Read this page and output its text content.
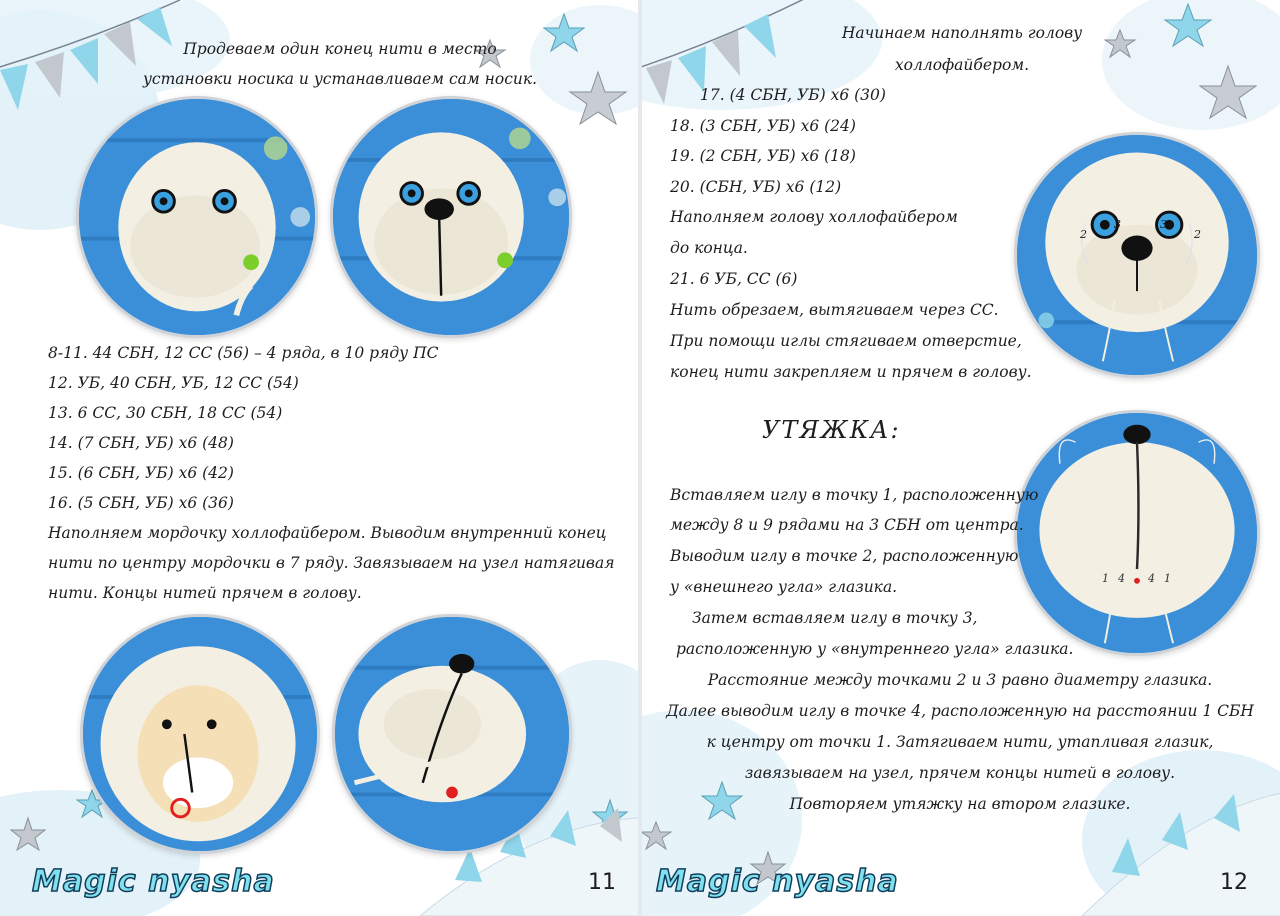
Продеваем один конец нити в место

установки носика и устанавливаем сам носик.

8-11. 44 СБН, 12 СС (56) – 4 ряда, в 10 ряду ПС

12. УБ, 40 СБН, УБ, 12 СС (54)

13. 6 СС, 30 СБН, 18 СС (54)

14. (7 СБН, УБ) х6 (48)

15. (6 СБН, УБ) х6 (42)

16. (5 СБН, УБ) х6 (36)

Наполняем мордочку холлофайбером. Выводим внутренний конец

нити по центру мордочки в 7 ряду. Завязываем на узел натягивая

нити. Концы нитей прячем в голову.

Magic nyasha	11

Начинаем наполнять голову

холлофайбером.

17. (4 СБН, УБ) х6 (30)

18. (3 СБН, УБ) х6 (24)

19. (2 СБН, УБ) х6 (18)

20. (СБН, УБ) х6 (12)

Наполняем голову холлофайбером

до конца.

21. 6 УБ, СС (6)

Нить обрезаем, вытягиваем через СС.

При помощи иглы стягиваем отверстие,

конец нити закрепляем и прячем в голову.

2
3	3
2
УТЯЖКА:
1 4 4 1

Вставляем иглу в точку 1, расположенную

между 8 и 9 рядами на 3 СБН от центра.

Выводим иглу в точке 2, расположенную

у «внешнего угла» глазика.

Затем вставляем иглу в точку 3,

расположенную у «внутреннего угла» глазика.

Расстояние между точками 2 и 3 равно диаметру глазика.

Далее выводим иглу в точке 4, расположенную на расстоянии 1 СБН

к центру от точки 1. Затягиваем нити, утапливая глазик,

завязываем на узел, прячем концы нитей в голову.

Повторяем утяжку на втором глазике.

Magic nyasha	12
